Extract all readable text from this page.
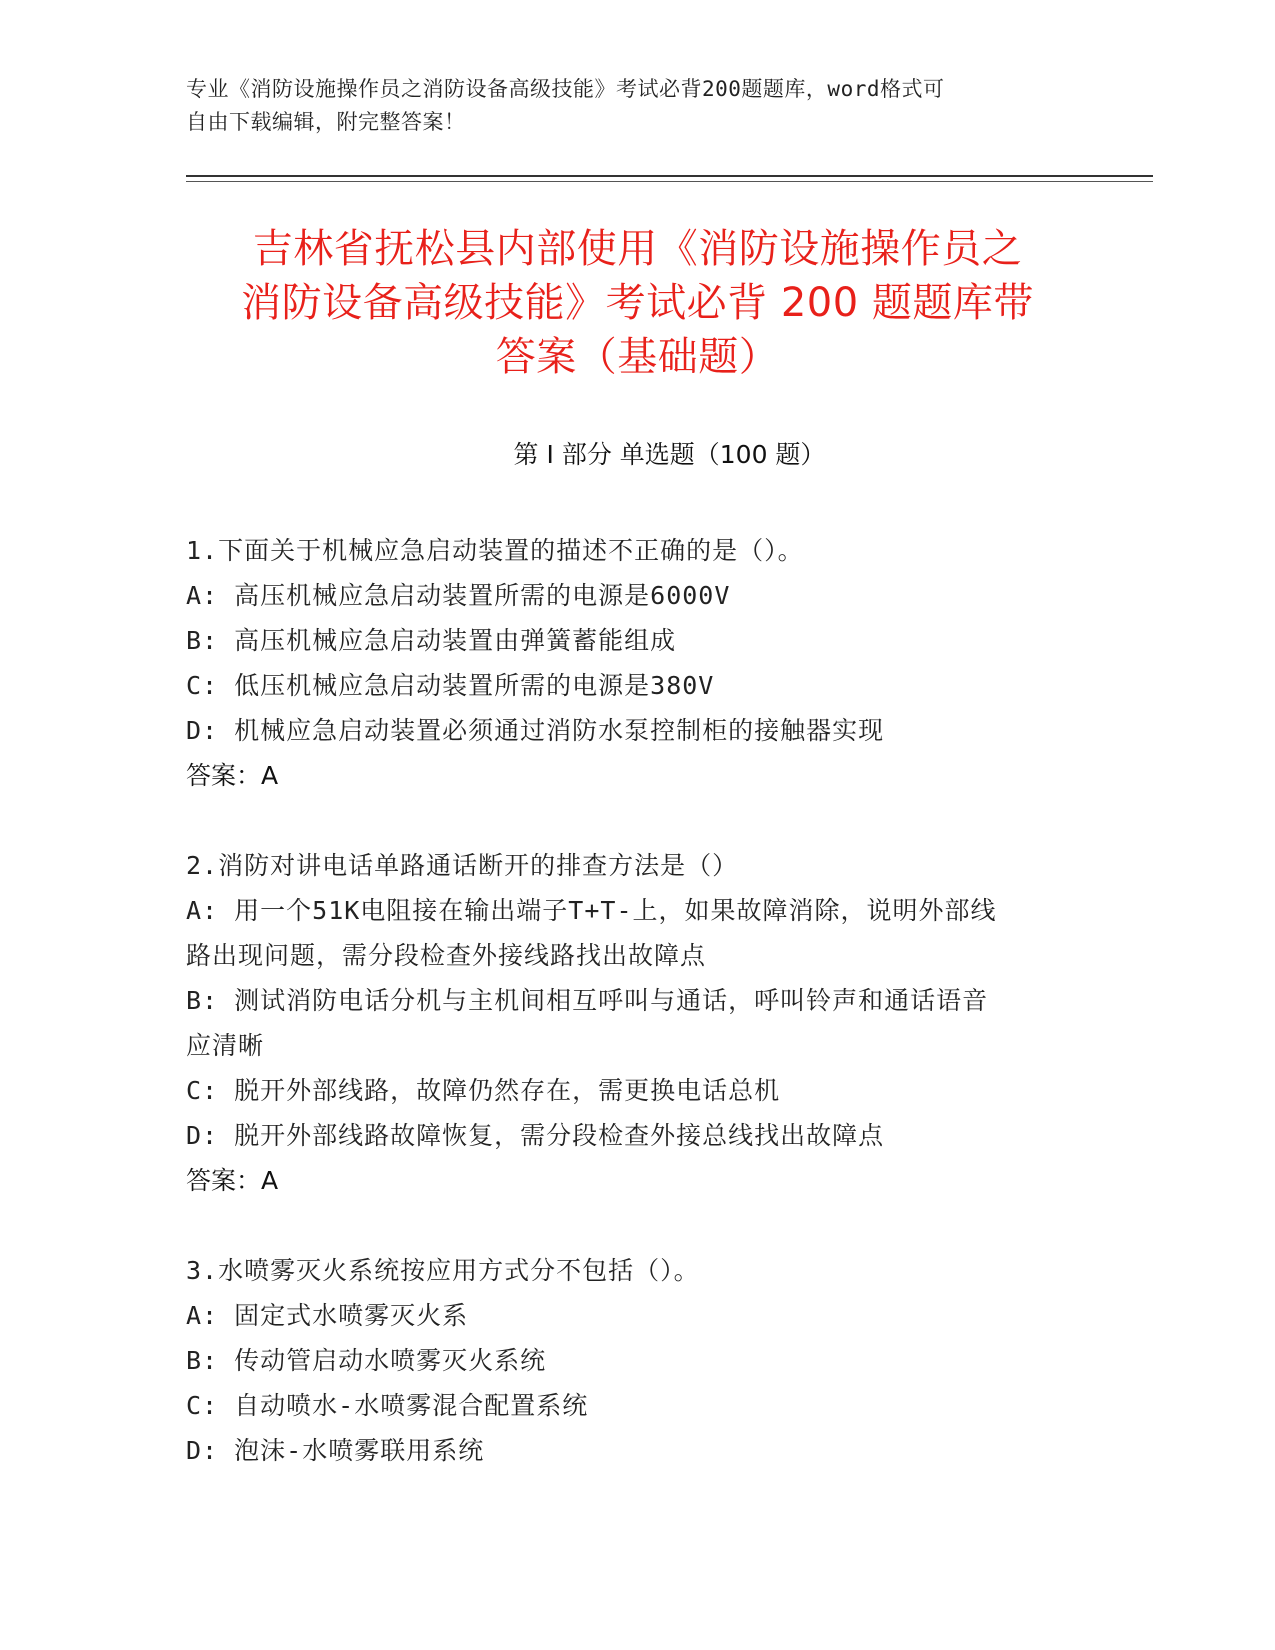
专业《消防设施操作员之消防设备高级技能》考试必背200题题库，word格式可
自由下载编辑，附完整答案！
吉林省抚松县内部使用《消防设施操作员之
消防设备高级技能》考试必背 200 题题库带
答案（基础题）
第 I 部分 单选题（100 题）
1.下面关于机械应急启动装置的描述不正确的是（）。
A: 高压机械应急启动装置所需的电源是6000V
B: 高压机械应急启动装置由弹簧蓄能组成
C: 低压机械应急启动装置所需的电源是380V
D: 机械应急启动装置必须通过消防水泵控制柜的接触器实现
答案：A
2.消防对讲电话单路通话断开的排查方法是（）
A: 用一个51K电阻接在输出端子T+T-上，如果故障消除，说明外部线
路出现问题，需分段检查外接线路找出故障点
B: 测试消防电话分机与主机间相互呼叫与通话，呼叫铃声和通话语音
应清晰
C: 脱开外部线路，故障仍然存在，需更换电话总机
D: 脱开外部线路故障恢复，需分段检查外接总线找出故障点
答案：A
3.水喷雾灭火系统按应用方式分不包括（）。
A: 固定式水喷雾灭火系
B: 传动管启动水喷雾灭火系统
C: 自动喷水-水喷雾混合配置系统
D: 泡沫-水喷雾联用系统
